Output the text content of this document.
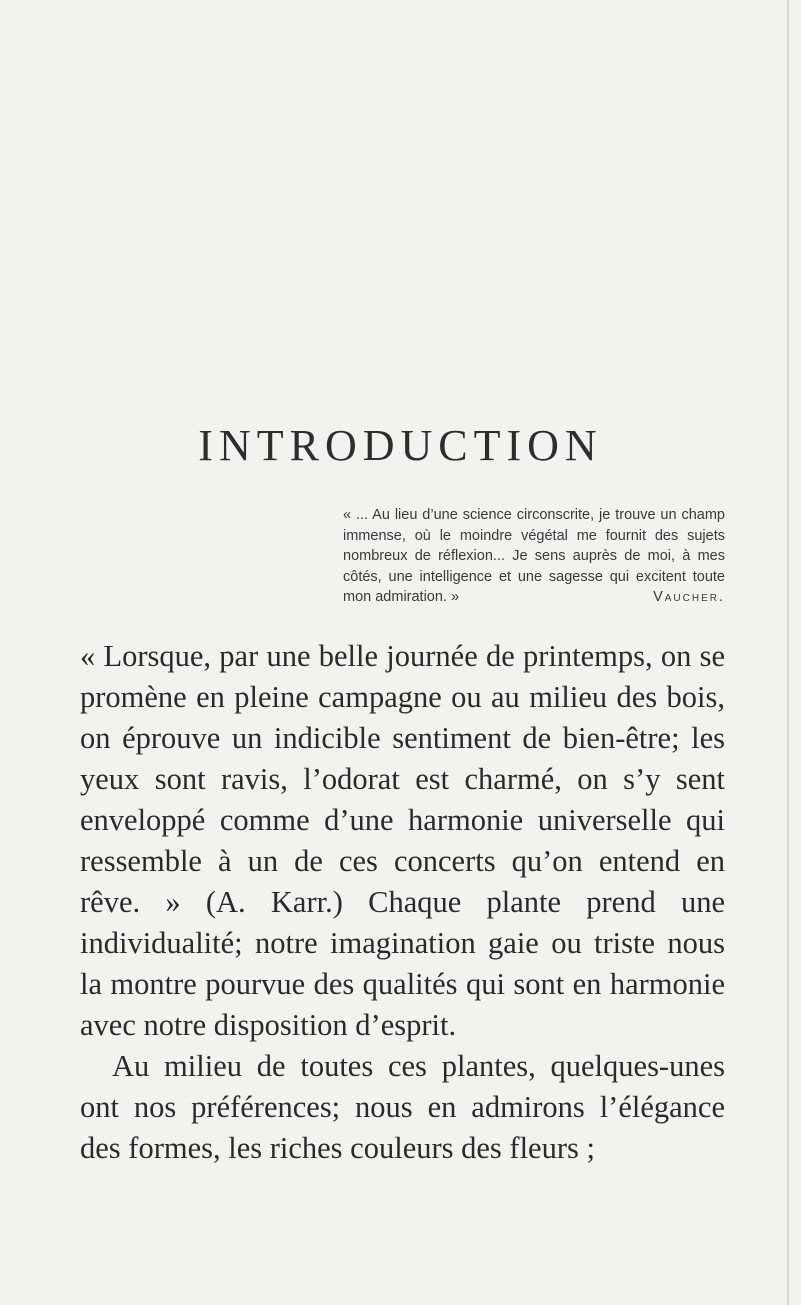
INTRODUCTION

« ... Au lieu d’une science circonscrite, je trouve un champ immense, où le moindre végétal me fournit des sujets nombreux de réflexion... Je sens auprès de moi, à mes côtés, une intelligence et une sagesse qui excitent toute mon admiration. »	Vaucher.

« Lorsque, par une belle journée de printemps, on se promène en pleine campagne ou au milieu des bois, on éprouve un indicible sentiment de bien-être; les yeux sont ravis, l’odorat est charmé, on s’y sent enveloppé comme d’une harmonie universelle qui ressemble à un de ces concerts qu’on entend en rêve. » (A. Karr.) Chaque plante prend une individualité; notre imagination gaie ou triste nous la montre pourvue des qualités qui sont en harmonie avec notre disposition d’esprit.

Au milieu de toutes ces plantes, quelques-unes ont nos préférences; nous en admirons l’élégance des formes, les riches couleurs des fleurs ;
